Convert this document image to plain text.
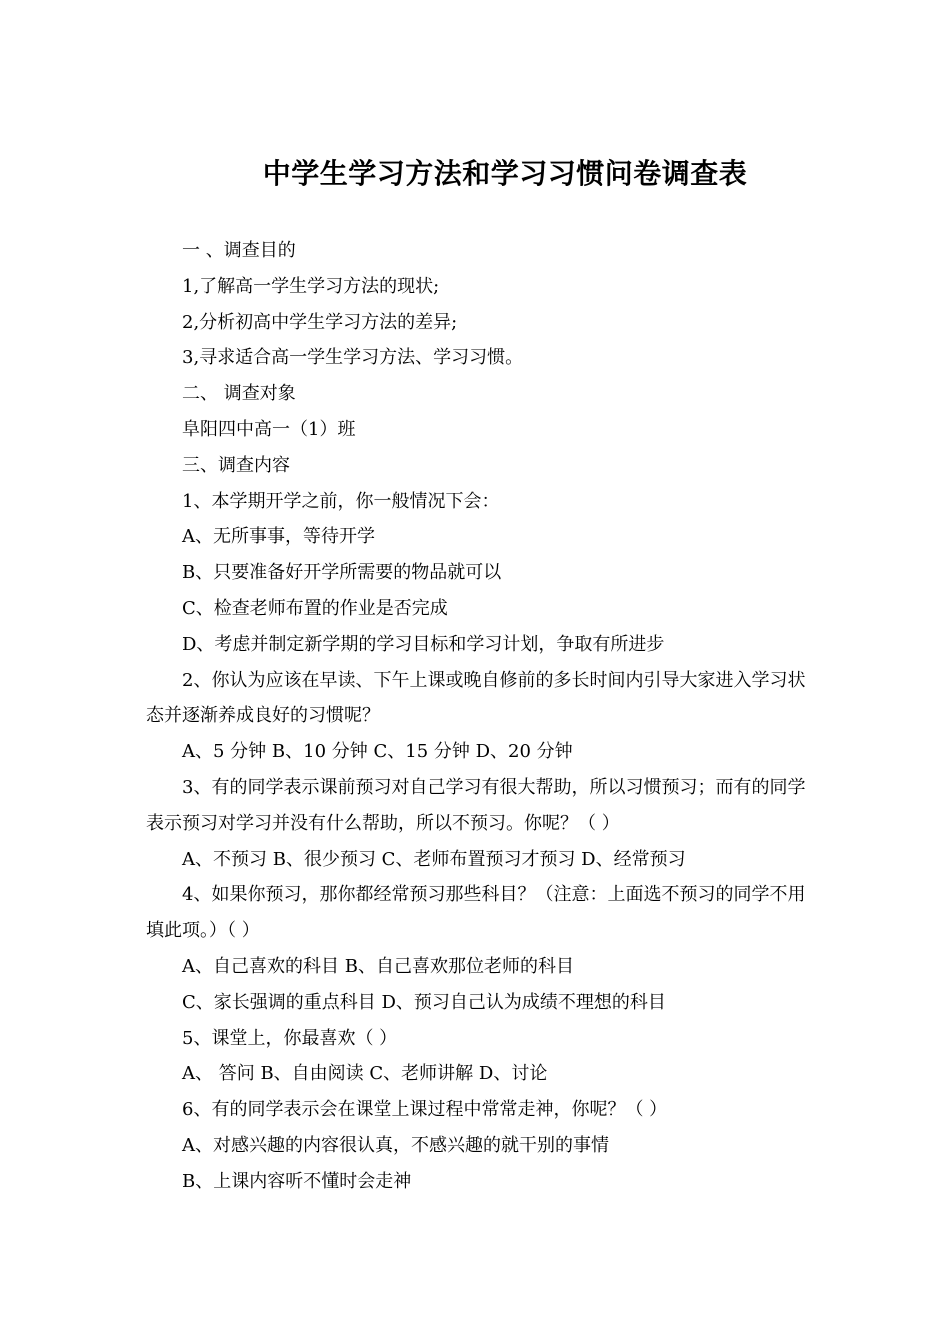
中学生学习方法和学习习惯问卷调查表

一 、调查目的

1,了解高一学生学习方法的现状;

2,分析初高中学生学习方法的差异;

3,寻求适合高一学生学习方法、学习习惯。

二、 调查对象

阜阳四中高一（1）班

三、调查内容

1、本学期开学之前，你一般情况下会：

A、无所事事，等待开学

B、只要准备好开学所需要的物品就可以

C、检查老师布置的作业是否完成

D、考虑并制定新学期的学习目标和学习计划，争取有所进步

2、你认为应该在早读、下午上课或晚自修前的多长时间内引导大家进入学习状态并逐渐养成良好的习惯呢？

A、5 分钟 B、10 分钟 C、15 分钟 D、20 分钟

3、有的同学表示课前预习对自己学习有很大帮助，所以习惯预习；而有的同学表示预习对学习并没有什么帮助，所以不预习。你呢？（ ）

A、不预习 B、很少预习 C、老师布置预习才预习 D、经常预习

4、如果你预习，那你都经常预习那些科目？（注意：上面选不预习的同学不用填此项。）（ ）

A、自己喜欢的科目 B、自己喜欢那位老师的科目

C、家长强调的重点科目 D、预习自己认为成绩不理想的科目

5、课堂上，你最喜欢（ ）

A、 答问 B、自由阅读 C、老师讲解 D、讨论

6、有的同学表示会在课堂上课过程中常常走神，你呢？（ ）

A、对感兴趣的内容很认真，不感兴趣的就干别的事情

B、上课内容听不懂时会走神
